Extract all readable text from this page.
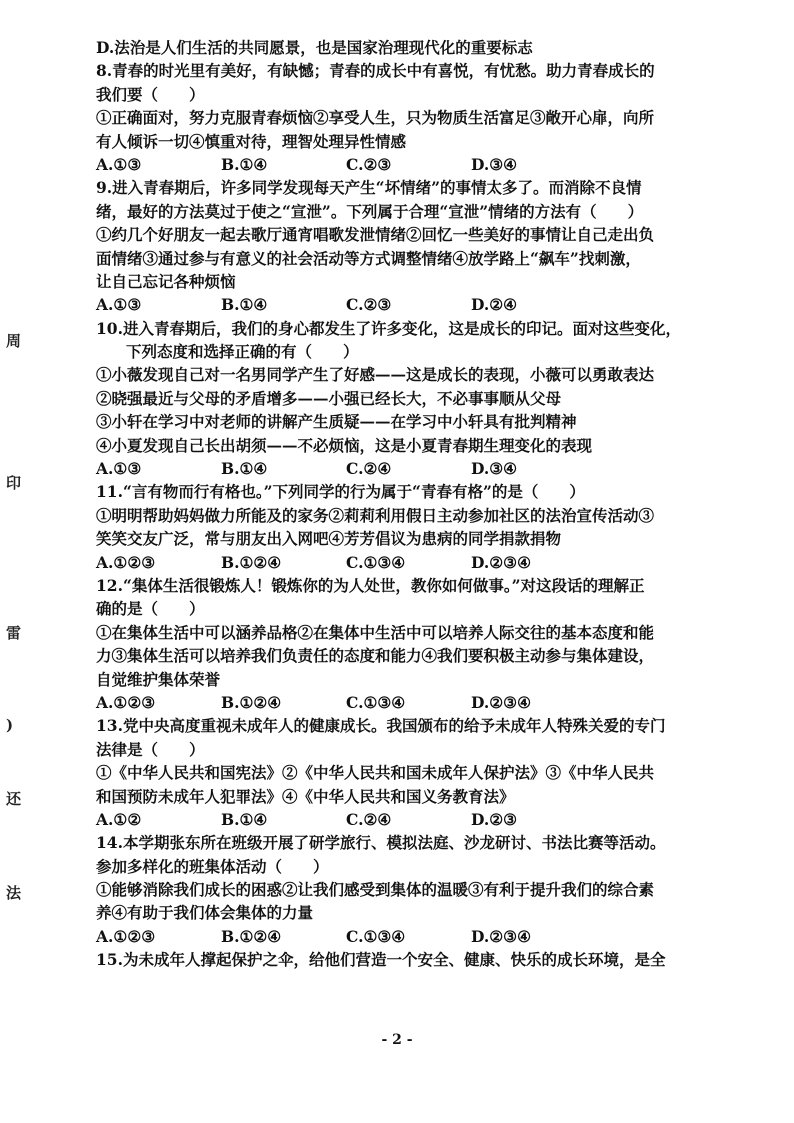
周
印
雷
)
还
法
D.法治是人们生活的共同愿景，也是国家治理现代化的重要标志
8.青春的时光里有美好，有缺憾；青春的成长中有喜悦，有忧愁。助力青春成长的
我们要（　　）
①正确面对，努力克服青春烦恼②享受人生，只为物质生活富足③敞开心扉，向所
有人倾诉一切④慎重对待，理智处理异性情感
A.①③	B.①④	C.②③	D.③④
9.进入青春期后，许多同学发现每天产生“坏情绪”的事情太多了。而消除不良情
绪，最好的方法莫过于使之“宣泄”。下列属于合理“宣泄”情绪的方法有（　　）
①约几个好朋友一起去歌厅通宵唱歌发泄情绪②回忆一些美好的事情让自己走出负
面情绪③通过参与有意义的社会活动等方式调整情绪④放学路上“飙车”找刺激，
让自己忘记各种烦恼
A.①③	B.①④	C.②③	D.②④
10.进入青春期后，我们的身心都发生了许多变化，这是成长的印记。面对这些变化，
下列态度和选择正确的有（　　）
①小薇发现自己对一名男同学产生了好感——这是成长的表现，小薇可以勇敢表达
②晓强最近与父母的矛盾增多——小强已经长大，不必事事顺从父母
③小轩在学习中对老师的讲解产生质疑——在学习中小轩具有批判精神
④小夏发现自己长出胡须——不必烦恼，这是小夏青春期生理变化的表现
A.①③	B.①④	C.②④	D.③④
11.“言有物而行有格也。”下列同学的行为属于“青春有格”的是（　　）
①明明帮助妈妈做力所能及的家务②莉莉利用假日主动参加社区的法治宣传活动③
笑笑交友广泛，常与朋友出入网吧④芳芳倡议为患病的同学捐款捐物
A.①②③	B.①②④	C.①③④	D.②③④
12.“集体生活很锻炼人！锻炼你的为人处世，教你如何做事。”对这段话的理解正
确的是（　　）
①在集体生活中可以涵养品格②在集体中生活中可以培养人际交往的基本态度和能
力③集体生活可以培养我们负责任的态度和能力④我们要积极主动参与集体建设，
自觉维护集体荣誉
A.①②③	B.①②④	C.①③④	D.②③④
13.党中央高度重视未成年人的健康成长。我国颁布的给予未成年人特殊关爱的专门
法律是（　　）
①《中华人民共和国宪法》②《中华人民共和国未成年人保护法》③《中华人民共
和国预防未成年人犯罪法》④《中华人民共和国义务教育法》
A.①②	B.①④	C.②④	D.②③
14.本学期张东所在班级开展了研学旅行、模拟法庭、沙龙研讨、书法比赛等活动。
参加多样化的班集体活动（　　）
①能够消除我们成长的困惑②让我们感受到集体的温暖③有利于提升我们的综合素
养④有助于我们体会集体的力量
A.①②③	B.①②④	C.①③④	D.②③④
15.为未成年人撑起保护之伞，给他们营造一个安全、健康、快乐的成长环境，是全
- 2 -
